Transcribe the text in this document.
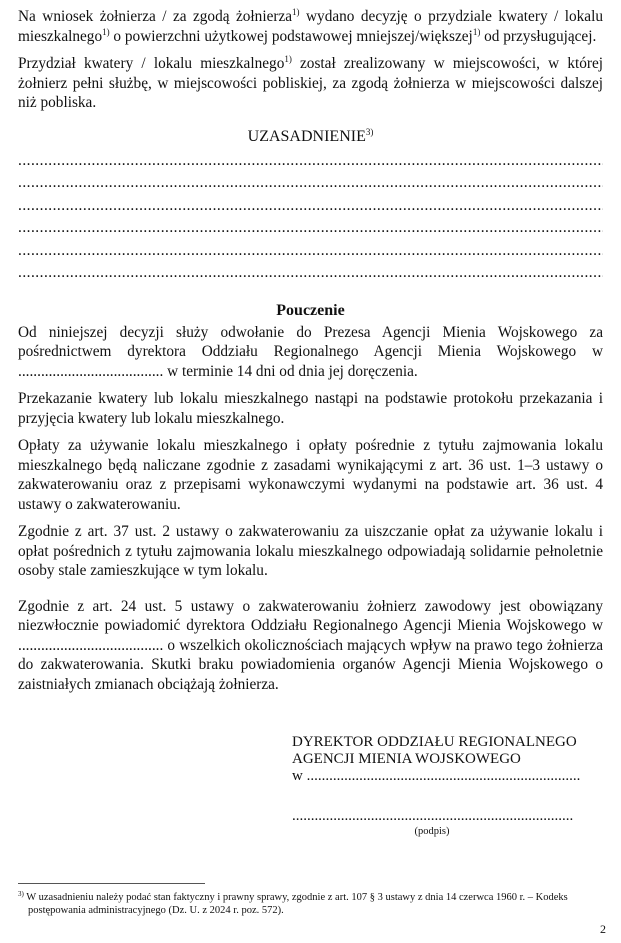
Na wniosek żołnierza / za zgodą żołnierza$^{1)}$ wydano decyzję o przydziale kwatery / lokalu mieszkalnego$^{1)}$ o powierzchni użytkowej podstawowej mniejszej/większej$^{1)}$ od przysługującej.

Przydział kwatery / lokalu mieszkalnego$^{1)}$ został zrealizowany w miejscowości, w której żołnierz pełni służbę, w miejscowości pobliskiej, za zgodą żołnierza w miejscowości dalszej niż pobliska.

UZASADNIENIE$^{3)}$
.....
.....
.....
.....
.....
.....
Pouczenie

Od niniejszej decyzji służy odwołanie do Prezesa Agencji Mienia Wojskowego za pośrednictwem dyrektora Oddziału Regionalnego Agencji Mienia Wojskowego w ...................................... w terminie 14 dni od dnia jej doręczenia.

Przekazanie kwatery lub lokalu mieszkalnego nastąpi na podstawie protokołu przekazania i przyjęcia kwatery lub lokalu mieszkalnego.

Opłaty za używanie lokalu mieszkalnego i opłaty pośrednie z tytułu zajmowania lokalu mieszkalnego będą naliczane zgodnie z zasadami wynikającymi z art. 36 ust. 1–3 ustawy o zakwaterowaniu oraz z przepisami wykonawczymi wydanymi na podstawie art. 36 ust. 4 ustawy o zakwaterowaniu.

Zgodnie z art. 37 ust. 2 ustawy o zakwaterowaniu za uiszczanie opłat za używanie lokalu i opłat pośrednich z tytułu zajmowania lokalu mieszkalnego odpowiadają solidarnie pełnoletnie osoby stale zamieszkujące w tym lokalu.

Zgodnie z art. 24 ust. 5 ustawy o zakwaterowaniu żołnierz zawodowy jest obowiązany niezwłocznie powiadomić dyrektora Oddziału Regionalnego Agencji Mienia Wojskowego w ...................................... o wszelkich okolicznościach mających wpływ na prawo tego żołnierza do zakwaterowania. Skutki braku powiadomienia organów Agencji Mienia Wojskowego o zaistniałych zmianach obciążają żołnierza.

DYREKTOR ODDZIAŁU REGIONALNEGO
AGENCJI MIENIA WOJSKOWEGO
w .........................................................................
...........................................................................
(podpis)
$^{3)}$ W uzasadnieniu należy podać stan faktyczny i prawny sprawy, zgodnie z art. 107 § 3 ustawy z dnia 14 czerwca 1960 r. – Kodeks postępowania administracyjnego (Dz. U. z 2024 r. poz. 572).
2
